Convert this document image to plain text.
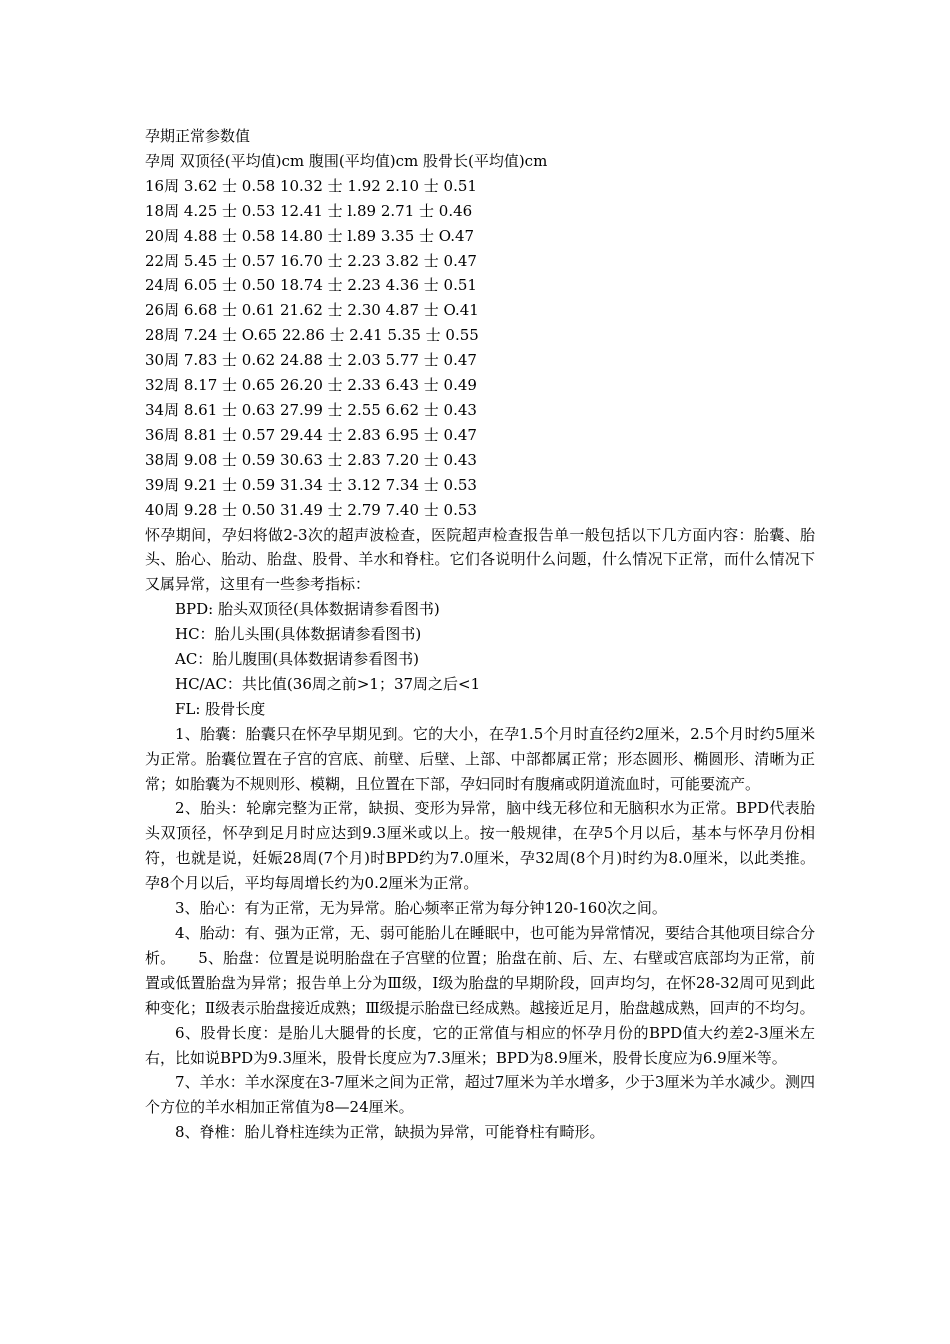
孕期正常参数值
孕周 双顶径(平均值)cm 腹围(平均值)cm 股骨长(平均值)cm
16周 3.62 士 0.58 10.32 士 1.92 2.10 士 0.51
18周 4.25 士 0.53 12.41 士 l.89 2.71 士 0.46
20周 4.88 士 0.58 14.80 士 l.89 3.35 士 O.47
22周 5.45 士 0.57 16.70 士 2.23 3.82 士 0.47
24周 6.05 士 0.50 18.74 士 2.23 4.36 士 0.51
26周 6.68 士 0.61 21.62 士 2.30 4.87 士 O.41
28周 7.24 士 O.65 22.86 士 2.41 5.35 士 0.55
30周 7.83 士 0.62 24.88 士 2.03 5.77 士 0.47
32周 8.17 士 0.65 26.20 士 2.33 6.43 士 0.49
34周 8.61 士 0.63 27.99 士 2.55 6.62 士 0.43
36周 8.81 士 0.57 29.44 士 2.83 6.95 士 0.47
38周 9.08 士 0.59 30.63 士 2.83 7.20 士 0.43
39周 9.21 士 0.59 31.34 士 3.12 7.34 士 0.53
40周 9.28 士 0.50 31.49 士 2.79 7.40 士 0.53
怀孕期间，孕妇将做2-3次的超声波检查，医院超声检查报告单一般包括以下几方面内容：胎囊、胎头、胎心、胎动、胎盘、股骨、羊水和脊柱。它们各说明什么问题，什么情况下正常，而什么情况下又属异常，这里有一些参考指标：
BPD: 胎头双顶径(具体数据请参看图书)
HC：胎儿头围(具体数据请参看图书)
AC：胎儿腹围(具体数据请参看图书)
HC/AC：共比值(36周之前>1；37周之后<1
FL: 股骨长度
1、胎囊：胎囊只在怀孕早期见到。它的大小，在孕1.5个月时直径约2厘米，2.5个月时约5厘米为正常。胎囊位置在子宫的宫底、前壁、后壁、上部、中部都属正常；形态圆形、椭圆形、清晰为正常；如胎囊为不规则形、模糊，且位置在下部，孕妇同时有腹痛或阴道流血时，可能要流产。
2、胎头：轮廓完整为正常，缺损、变形为异常，脑中线无移位和无脑积水为正常。BPD代表胎头双顶径，怀孕到足月时应达到9.3厘米或以上。按一般规律，在孕5个月以后，基本与怀孕月份相符，也就是说，妊娠28周(7个月)时BPD约为7.0厘米，孕32周(8个月)时约为8.0厘米，以此类推。孕8个月以后，平均每周增长约为0.2厘米为正常。
3、胎心：有为正常，无为异常。胎心频率正常为每分钟120-160次之间。
4、胎动：有、强为正常，无、弱可能胎儿在睡眠中，也可能为异常情况，要结合其他项目综合分析。　　5、胎盘：位置是说明胎盘在子宫壁的位置；胎盘在前、后、左、右壁或宫底部均为正常，前置或低置胎盘为异常；报告单上分为Ⅲ级，Ⅰ级为胎盘的早期阶段，回声均匀，在怀28-32周可见到此种变化；Ⅱ级表示胎盘接近成熟；Ⅲ级提示胎盘已经成熟。越接近足月，胎盘越成熟，回声的不均匀。
6、股骨长度：是胎儿大腿骨的长度，它的正常值与相应的怀孕月份的BPD值大约差2-3厘米左右，比如说BPD为9.3厘米，股骨长度应为7.3厘米；BPD为8.9厘米，股骨长度应为6.9厘米等。
7、羊水：羊水深度在3-7厘米之间为正常，超过7厘米为羊水增多，少于3厘米为羊水减少。测四个方位的羊水相加正常值为8—24厘米。
8、脊椎：胎儿脊柱连续为正常，缺损为异常，可能脊柱有畸形。
